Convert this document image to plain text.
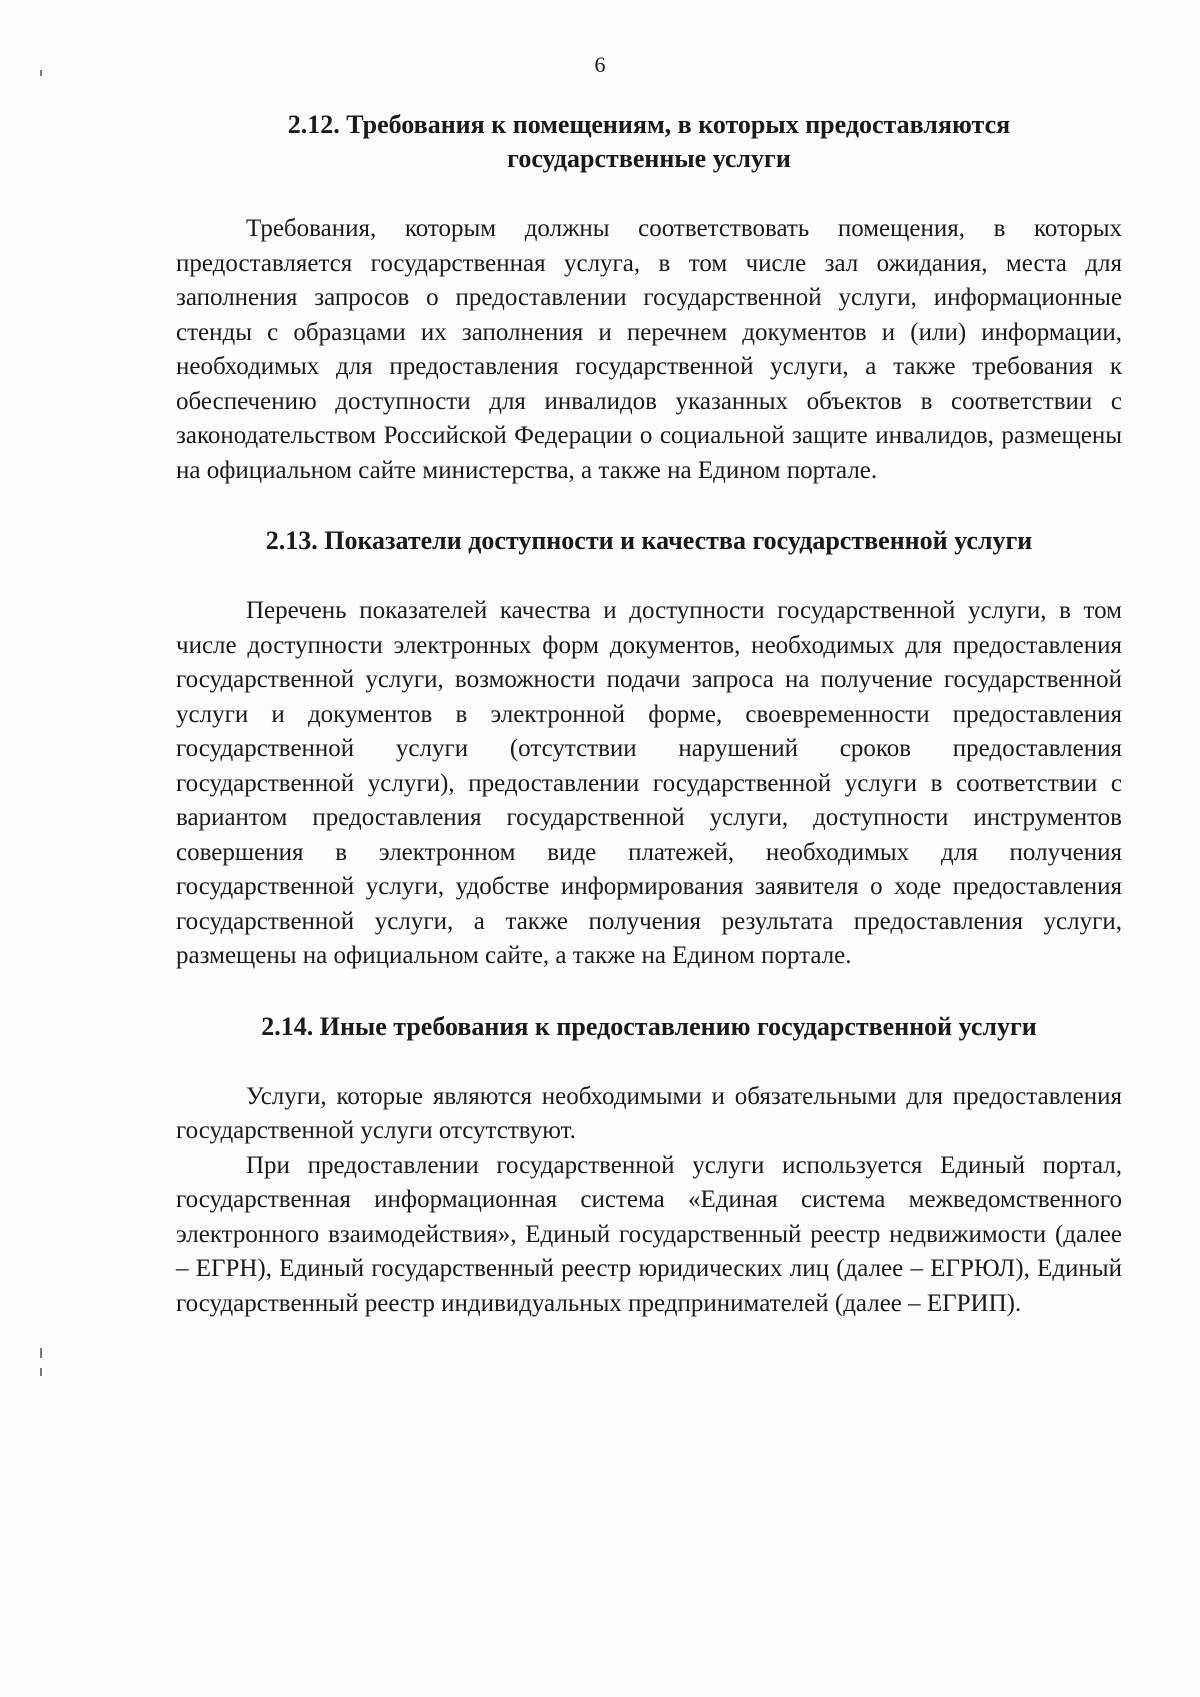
6
2.12. Требования к помещениям, в которых предоставляются государственные услуги

Требования, которым должны соответствовать помещения, в которых предоставляется государственная услуга, в том числе зал ожидания, места для заполнения запросов о предоставлении государственной услуги, информационные стенды с образцами их заполнения и перечнем документов и (или) информации, необходимых для предоставления государственной услуги, а также требования к обеспечению доступности для инвалидов указанных объектов в соответствии с законодательством Российской Федерации о социальной защите инвалидов, размещены на официальном сайте министерства, а также на Едином портале.

2.13. Показатели доступности и качества государственной услуги

Перечень показателей качества и доступности государственной услуги, в том числе доступности электронных форм документов, необходимых для предоставления государственной услуги, возможности подачи запроса на получение государственной услуги и документов в электронной форме, своевременности предоставления государственной услуги (отсутствии нарушений сроков предоставления государственной услуги), предоставлении государственной услуги в соответствии с вариантом предоставления государственной услуги, доступности инструментов совершения в электронном виде платежей, необходимых для получения государственной услуги, удобстве информирования заявителя о ходе предоставления государственной услуги, а также получения результата предоставления услуги, размещены на официальном сайте, а также на Едином портале.

2.14. Иные требования к предоставлению государственной услуги

Услуги, которые являются необходимыми и обязательными для предоставления государственной услуги отсутствуют.

При предоставлении государственной услуги используется Единый портал, государственная информационная система «Единая система межведомственного электронного взаимодействия», Единый государственный реестр недвижимости (далее – ЕГРН), Единый государственный реестр юридических лиц (далее – ЕГРЮЛ), Единый государственный реестр индивидуальных предпринимателей (далее – ЕГРИП).
